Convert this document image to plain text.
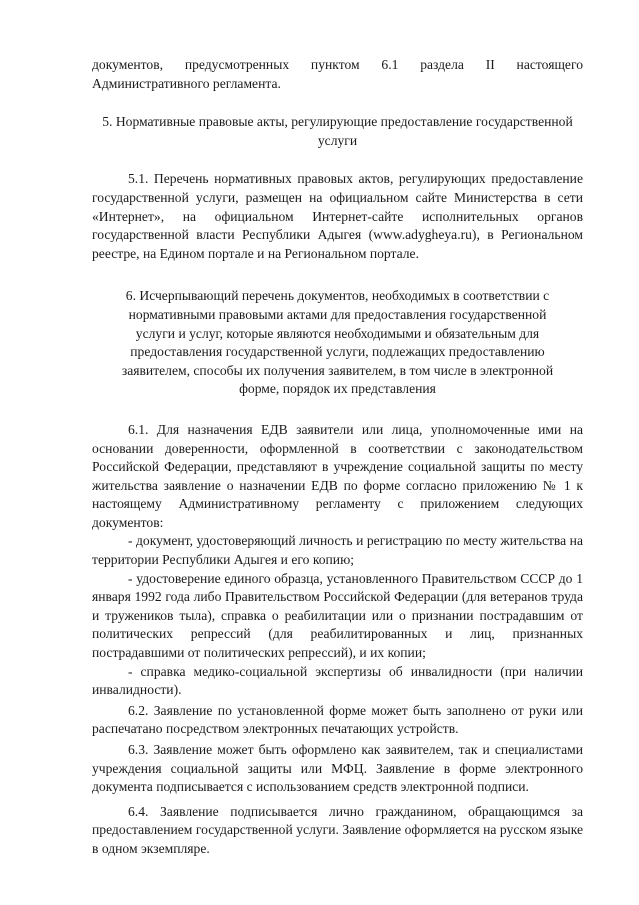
документов, предусмотренных пунктом 6.1 раздела II настоящего Административного регламента.

5. Нормативные правовые акты, регулирующие предоставление государственной услуги

5.1. Перечень нормативных правовых актов, регулирующих предоставление государственной услуги, размещен на официальном сайте Министерства в сети «Интернет», на официальном Интернет-сайте исполнительных органов государственной власти Республики Адыгея (www.adygheya.ru), в Региональном реестре, на Едином портале и на Региональном портале.

6. Исчерпывающий перечень документов, необходимых в соответствии с нормативными правовыми актами для предоставления государственной услуги и услуг, которые являются необходимыми и обязательным для предоставления государственной услуги, подлежащих предоставлению заявителем, способы их получения заявителем, в том числе в электронной форме, порядок их представления

6.1. Для назначения ЕДВ заявители или лица, уполномоченные ими на основании доверенности, оформленной в соответствии с законодательством Российской Федерации, представляют в учреждение социальной защиты по месту жительства заявление о назначении ЕДВ по форме согласно приложению № 1 к настоящему Административному регламенту с приложением следующих документов:

- документ, удостоверяющий личность и регистрацию по месту жительства на территории Республики Адыгея и его копию;

- удостоверение единого образца, установленного Правительством СССР до 1 января 1992 года либо Правительством Российской Федерации (для ветеранов труда и тружеников тыла), справка о реабилитации или о признании пострадавшим от политических репрессий (для реабилитированных и лиц, признанных пострадавшими от политических репрессий), и их копии;

- справка медико-социальной экспертизы об инвалидности (при наличии инвалидности).

6.2. Заявление по установленной форме может быть заполнено от руки или распечатано посредством электронных печатающих устройств.

6.3. Заявление может быть оформлено как заявителем, так и специалистами учреждения социальной защиты или МФЦ. Заявление в форме электронного документа подписывается с использованием средств электронной подписи.

6.4. Заявление подписывается лично гражданином, обращающимся за предоставлением государственной услуги. Заявление оформляется на русском языке в одном экземпляре.
